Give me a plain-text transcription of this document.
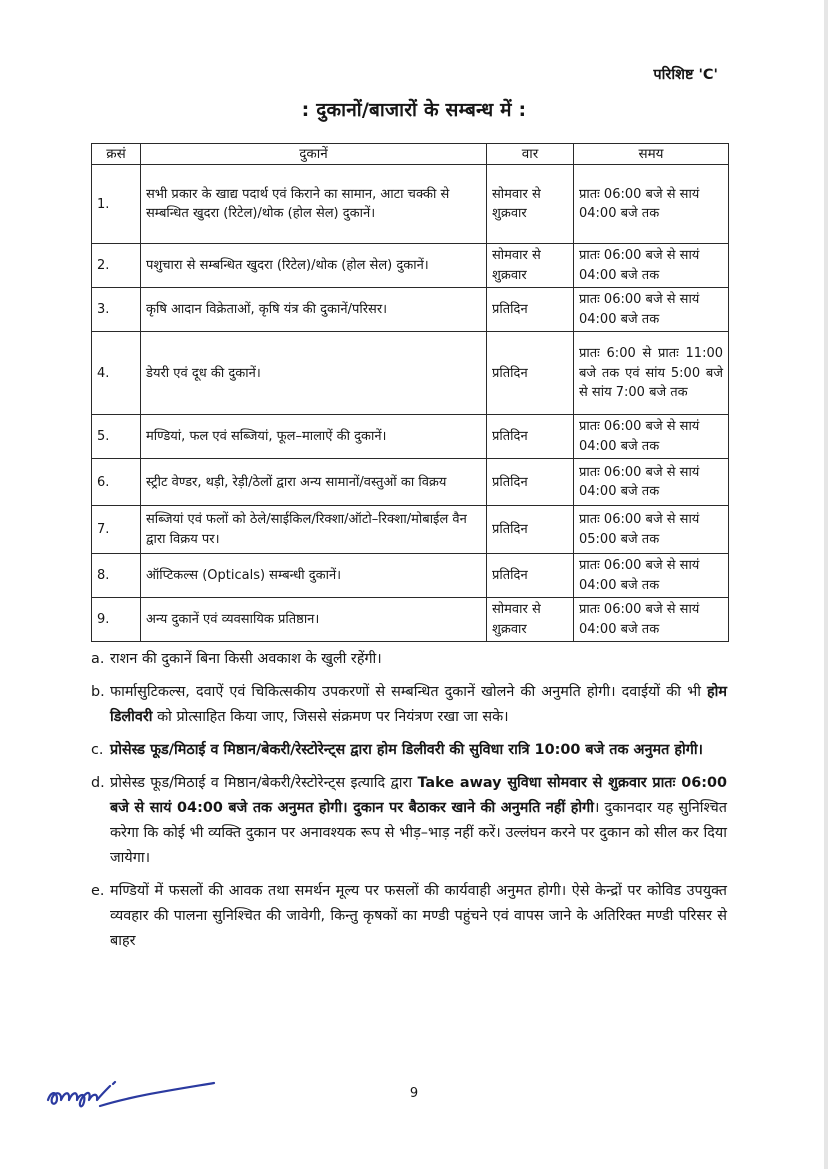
परिशिष्ट 'C'
: दुकानों/बाजारों के सम्बन्ध में :
क्रसं	दुकानें	वार	समय
1.	सभी प्रकार के खाद्य पदार्थ एवं किराने का सामान, आटा चक्की से सम्बन्धित खुदरा (रिटेल)/थोक (होल सेल) दुकानें।	सोमवार से शुक्रवार	प्रातः 06:00 बजे से सायं 04:00 बजे तक
2.	पशुचारा से सम्बन्धित खुदरा (रिटेल)/थोक (होल सेल) दुकानें।	सोमवार से शुक्रवार	प्रातः 06:00 बजे से सायं 04:00 बजे तक
3.	कृषि आदान विक्रेताओं, कृषि यंत्र की दुकानें/परिसर।	प्रतिदिन	प्रातः 06:00 बजे से सायं 04:00 बजे तक
4.	डेयरी एवं दूध की दुकानें।	प्रतिदिन	प्रातः 6:00 से प्रातः 11:00 बजे तक एवं सांय 5:00 बजे से सांय 7:00 बजे तक
5.	मण्डियां, फल एवं सब्जियां, फूल–मालाऐं की दुकानें।	प्रतिदिन	प्रातः 06:00 बजे से सायं 04:00 बजे तक
6.	स्ट्रीट वेण्डर, थड़ी, रेड़ी/ठेलों द्वारा अन्य सामानों/वस्तुओं का विक्रय	प्रतिदिन	प्रातः 06:00 बजे से सायं 04:00 बजे तक
7.	सब्जियां एवं फलों को ठेले/साईकिल/रिक्शा/ऑटो–रिक्शा/मोबाईल वैन द्वारा विक्रय पर।	प्रतिदिन	प्रातः 06:00 बजे से सायं 05:00 बजे तक
8.	ऑप्टिकल्स (Opticals) सम्बन्धी दुकानें।	प्रतिदिन	प्रातः 06:00 बजे से सायं 04:00 बजे तक
9.	अन्य दुकानें एवं व्यवसायिक प्रतिष्ठान।	सोमवार से शुक्रवार	प्रातः 06:00 बजे से सायं 04:00 बजे तक
a. राशन की दुकानें बिना किसी अवकाश के खुली रहेंगी।
b. फार्मासुटिकल्स, दवाऐं एवं चिकित्सकीय उपकरणों से सम्बन्धित दुकानें खोलने की अनुमति होगी। दवाईयों की भी होम डिलीवरी को प्रोत्साहित किया जाए, जिससे संक्रमण पर नियंत्रण रखा जा सके।
c. प्रोसेस्ड फूड/मिठाई व मिष्ठान/बेकरी/रेस्टोरेन्ट्स द्वारा होम डिलीवरी की सुविधा रात्रि 10:00 बजे तक अनुमत होगी।
d. प्रोसेस्ड फूड/मिठाई व मिष्ठान/बेकरी/रेस्टोरेन्ट्स इत्यादि द्वारा Take away सुविधा सोमवार से शुक्रवार प्रातः 06:00 बजे से सायं 04:00 बजे तक अनुमत होगी। दुकान पर बैठाकर खाने की अनुमति नहीं होगी। दुकानदार यह सुनिश्चित करेगा कि कोई भी व्यक्ति दुकान पर अनावश्यक रूप से भीड़–भाड़ नहीं करें। उल्लंघन करने पर दुकान को सील कर दिया जायेगा।
e. मण्डियों में फसलों की आवक तथा समर्थन मूल्य पर फसलों की कार्यवाही अनुमत होगी। ऐसे केन्द्रों पर कोविड उपयुक्त व्यवहार की पालना सुनिश्चित की जावेगी, किन्तु कृषकों का मण्डी पहुंचने एवं वापस जाने के अतिरिक्त मण्डी परिसर से बाहर
9
